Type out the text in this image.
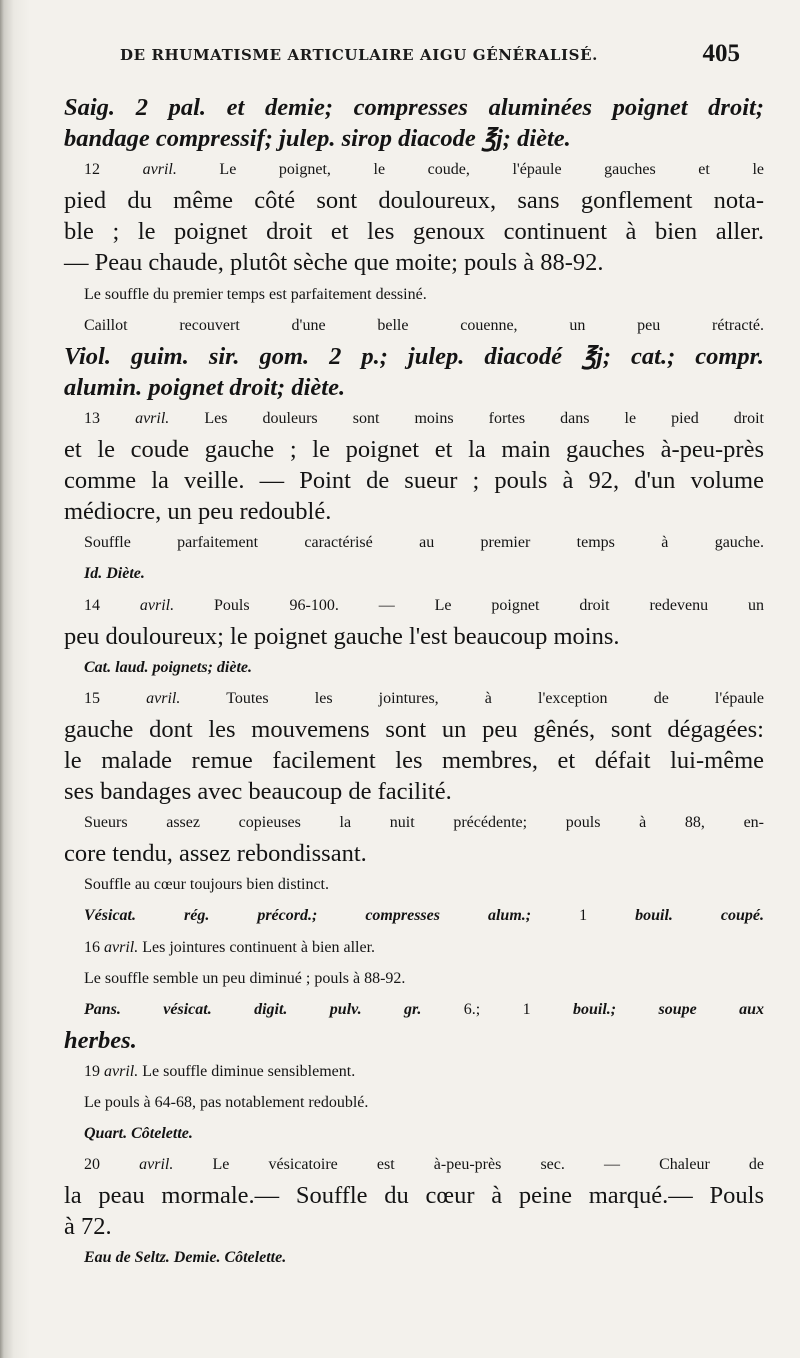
DE RHUMATISME ARTICULAIRE AIGU GÉNÉRALISÉ.	405
Saig. 2 pal. et demie; compresses aluminées poignet droit;
bandage compressif; julep. sirop diacode ℥j; diète.
12 avril. Le poignet, le coude, l'épaule gauches et le
pied du même côté sont douloureux, sans gonflement nota-
ble ; le poignet droit et les genoux continuent à bien aller.
— Peau chaude, plutôt sèche que moite; pouls à 88-92.
Le souffle du premier temps est parfaitement dessiné.
Caillot recouvert d'une belle couenne, un peu rétracté.
Viol. guim. sir. gom. 2 p.; julep. diacodé ℥j; cat.; compr.
alumin. poignet droit; diète.
13 avril. Les douleurs sont moins fortes dans le pied droit
et le coude gauche ; le poignet et la main gauches à-peu-près
comme la veille. — Point de sueur ; pouls à 92, d'un volume
médiocre, un peu redoublé.
Souffle parfaitement caractérisé au premier temps à gauche.
Id. Diète.
14 avril. Pouls 96-100. — Le poignet droit redevenu un
peu douloureux; le poignet gauche l'est beaucoup moins.
Cat. laud. poignets; diète.
15 avril. Toutes les jointures, à l'exception de l'épaule
gauche dont les mouvemens sont un peu gênés, sont dégagées:
le malade remue facilement les membres, et défait lui-même
ses bandages avec beaucoup de facilité.
Sueurs assez copieuses la nuit précédente; pouls à 88, en-
core tendu, assez rebondissant.
Souffle au cœur toujours bien distinct.
Vésicat. rég. précord.; compresses alum.; 1 bouil. coupé.
16 avril. Les jointures continuent à bien aller.
Le souffle semble un peu diminué ; pouls à 88-92.
Pans. vésicat. digit. pulv. gr. 6.; 1 bouil.; soupe aux
herbes.
19 avril. Le souffle diminue sensiblement.
Le pouls à 64-68, pas notablement redoublé.
Quart. Côtelette.
20 avril. Le vésicatoire est à-peu-près sec. — Chaleur de
la peau mormale.— Souffle du cœur à peine marqué.— Pouls
à 72.
Eau de Seltz. Demie. Côtelette.
